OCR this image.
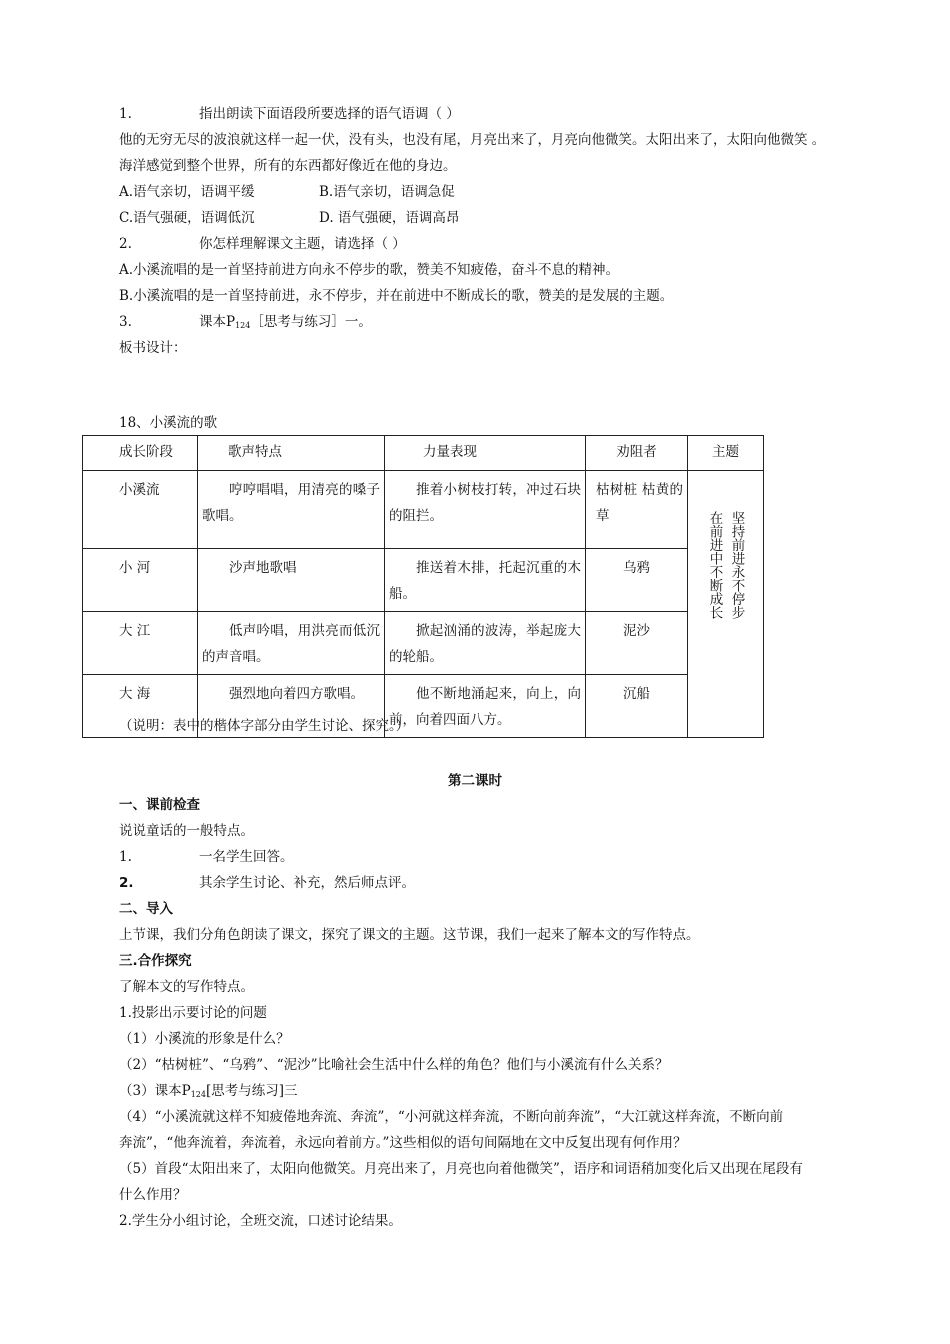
1.	指出朗读下面语段所要选择的语气语调（ ）
他的无穷无尽的波浪就这样一起一伏，没有头，也没有尾，月亮出来了，月亮向他微笑。太阳出来了，太阳向他微笑 。
海洋感觉到整个世界，所有的东西都好像近在他的身边。
A.语气亲切，语调平缓	B.语气亲切，语调急促
C.语气强硬，语调低沉	D. 语气强硬，语调高昂
2.	你怎样理解课文主题，请选择（ ）
A.小溪流唱的是一首坚持前进方向永不停步的歌，赞美不知疲倦，奋斗不息的精神。
B.小溪流唱的是一首坚持前进，永不停步，并在前进中不断成长的歌，赞美的是发展的主题。
3.	课本$P_{124}[$思考与练习］一。
板书设计：
18、小溪流的歌
成长阶段	歌声特点	力量表现	劝阻者	主题
小溪流	哼哼唱唱，用清亮的嗓子歌唱。	推着小树枝打转，冲过石块的阻拦。	枯树桩 枯黄的草	坚持前进永不停步
在前进中不断成长

小 河	沙声地歌唱	推送着木排，托起沉重的木船。	乌鸦	
大 江	低声吟唱，用洪亮而低沉的声音唱。	掀起汹涌的波涛，举起庞大的轮船。	泥沙	
大 海	强烈地向着四方歌唱。	他不断地涌起来，向上，向前，向着四面八方。	沉船	
（说明：表中的楷体字部分由学生讨论、探究。）
第二课时
一、课前检查
说说童话的一般特点。
1.	一名学生回答。
2.	其余学生讨论、补充，然后师点评。
二、导入
上节课，我们分角色朗读了课文，探究了课文的主题。这节课，我们一起来了解本文的写作特点。
三.合作探究
了解本文的写作特点。
1.投影出示要讨论的问题
（1）小溪流的形象是什么？
（2）“枯树桩”、“乌鸦”、“泥沙”比喻社会生活中什么样的角色？他们与小溪流有什么关系？
（3）课本$P_{124}$[思考与练习]三
（4）“小溪流就这样不知疲倦地奔流、奔流”，“小河就这样奔流，不断向前奔流”，“大江就这样奔流，不断向前
奔流”，“他奔流着，奔流着，永远向着前方。”这些相似的语句间隔地在文中反复出现有何作用？
（5）首段“太阳出来了，太阳向他微笑。月亮出来了，月亮也向着他微笑”，语序和词语稍加变化后又出现在尾段有
什么作用？
2.学生分小组讨论，全班交流，口述讨论结果。
